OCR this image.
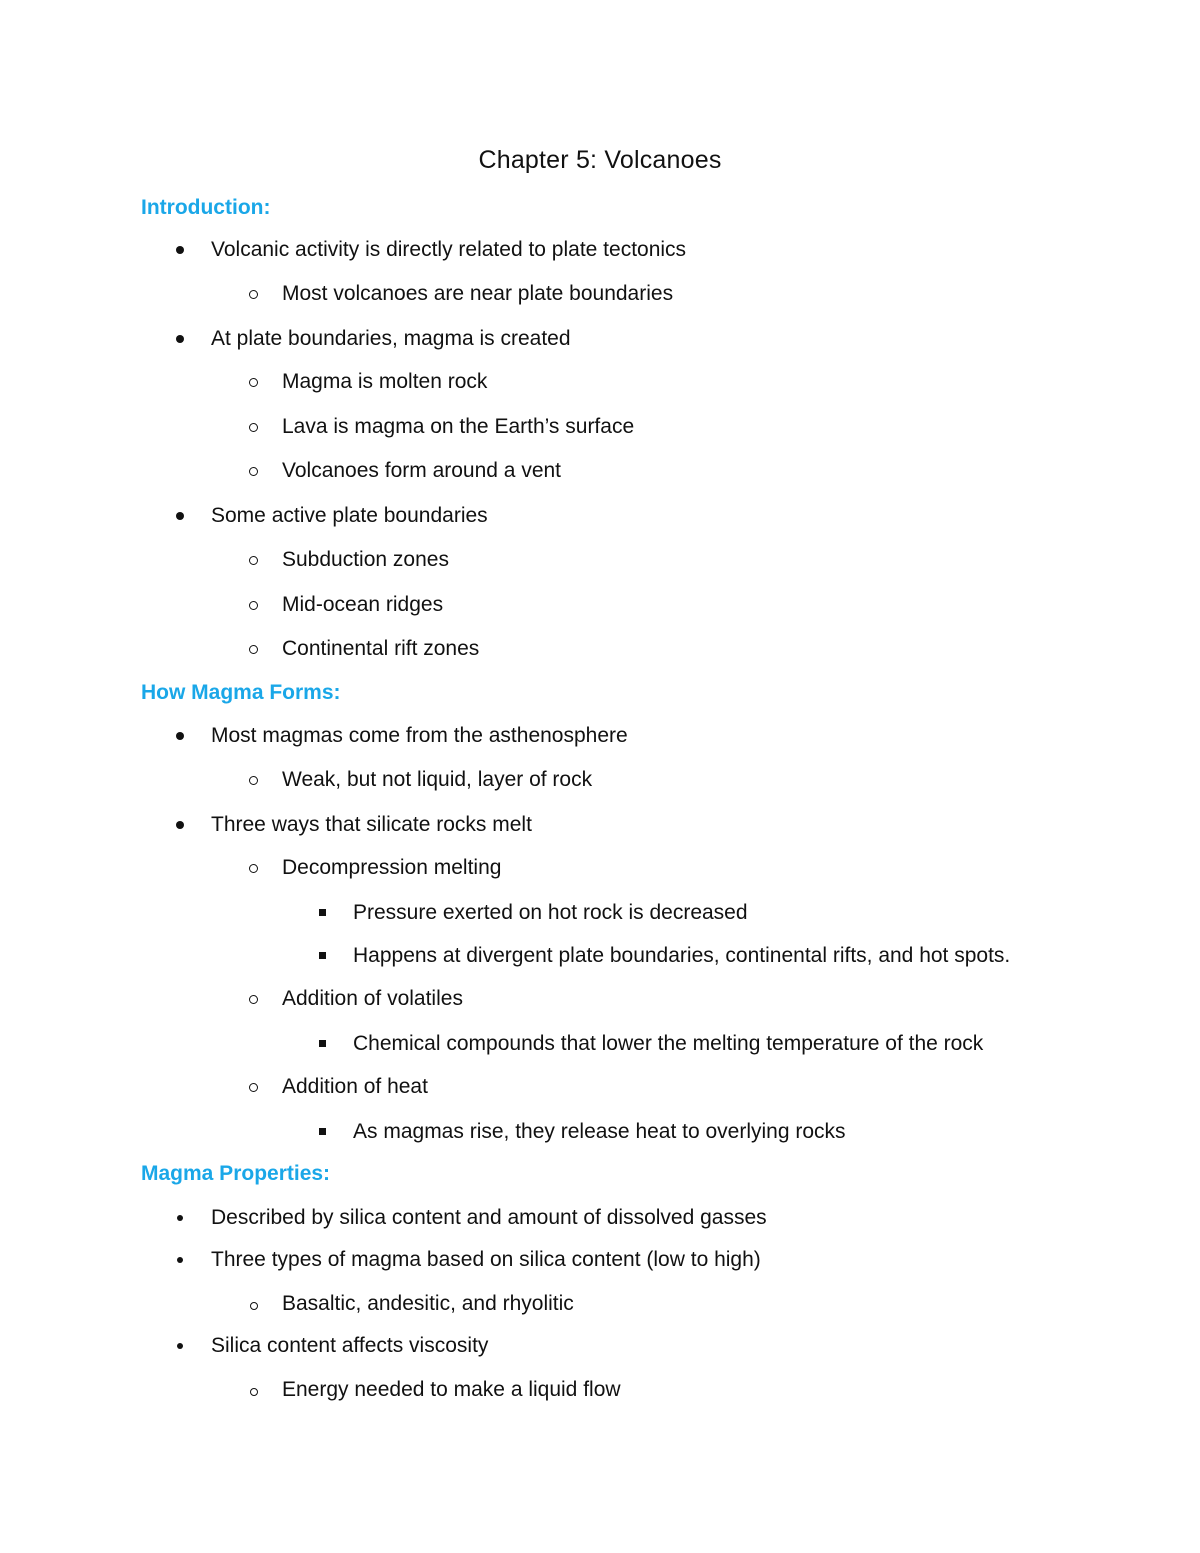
Chapter 5: Volcanoes
Introduction:
Volcanic activity is directly related to plate tectonics
Most volcanoes are near plate boundaries
At plate boundaries, magma is created
Magma is molten rock
Lava is magma on the Earth’s surface
Volcanoes form around a vent
Some active plate boundaries
Subduction zones
Mid-ocean ridges
Continental rift zones
How Magma Forms:
Most magmas come from the asthenosphere
Weak, but not liquid, layer of rock
Three ways that silicate rocks melt
Decompression melting
Pressure exerted on hot rock is decreased
Happens at divergent plate boundaries, continental rifts, and hot spots.
Addition of volatiles
Chemical compounds that lower the melting temperature of the rock
Addition of heat
As magmas rise, they release heat to overlying rocks
Magma Properties:
Described by silica content and amount of dissolved gasses
Three types of magma based on silica content (low to high)
Basaltic, andesitic, and rhyolitic
Silica content affects viscosity
Energy needed to make a liquid flow
